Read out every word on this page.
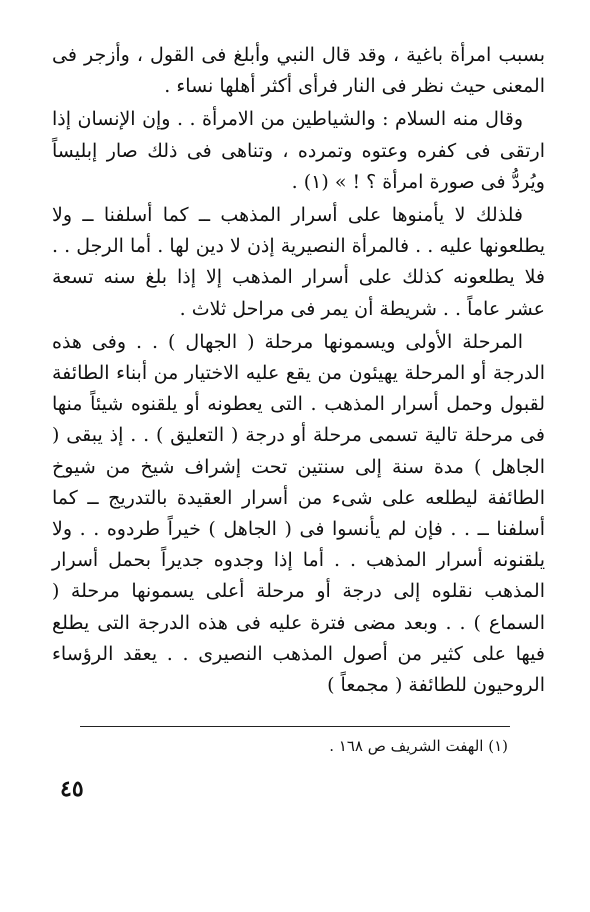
بسبب امرأة باغية ، وقد قال النبي وأبلغ فى القول ، وأزجر فى المعنى حيث نظر فى النار فرأى أكثر أهلها نساء .

وقال منه السلام : والشياطين من الامرأة . . وإن الإنسان إذا ارتقى فى كفره وعتوه وتمرده ، وتناهى فى ذلك صار إبليساً ويُردُّ فى صورة امرأة ؟ ! » (١) .

فلذلك لا يأمنوها على أسرار المذهب ــ كما أسلفنا ــ ولا يطلعونها عليه . . فالمرأة النصيرية إذن لا دين لها . أما الرجل . . فلا يطلعونه كذلك على أسرار المذهب إلا إذا بلغ سنه تسعة عشر عاماً . . شريطة أن يمر فى مراحل ثلاث .

المرحلة الأولى ويسمونها مرحلة ( الجهال ) . . وفى هذه الدرجة أو المرحلة يهيئون من يقع عليه الاختيار من أبناء الطائفة لقبول وحمل أسرار المذهب . التى يعطونه أو يلقنوه شيئاً منها فى مرحلة تالية تسمى مرحلة أو درجة ( التعليق ) . . إذ يبقى ( الجاهل ) مدة سنة إلى سنتين تحت إشراف شيخ من شيوخ الطائفة ليطلعه على شىء من أسرار العقيدة بالتدريج ــ كما أسلفنا ــ . . فإن لم يأنسوا فى ( الجاهل ) خيراً طردوه . . ولا يلقنونه أسرار المذهب . . أما إذا وجدوه جديراً بحمل أسرار المذهب نقلوه إلى درجة أو مرحلة أعلى يسمونها مرحلة ( السماع ) . . وبعد مضى فترة عليه فى هذه الدرجة التى يطلع فيها على كثير من أصول المذهب النصيرى . . يعقد الرؤساء الروحيون للطائفة ( مجمعاً )

(١) الهفت الشريف ص ١٦٨ .
٤٥
